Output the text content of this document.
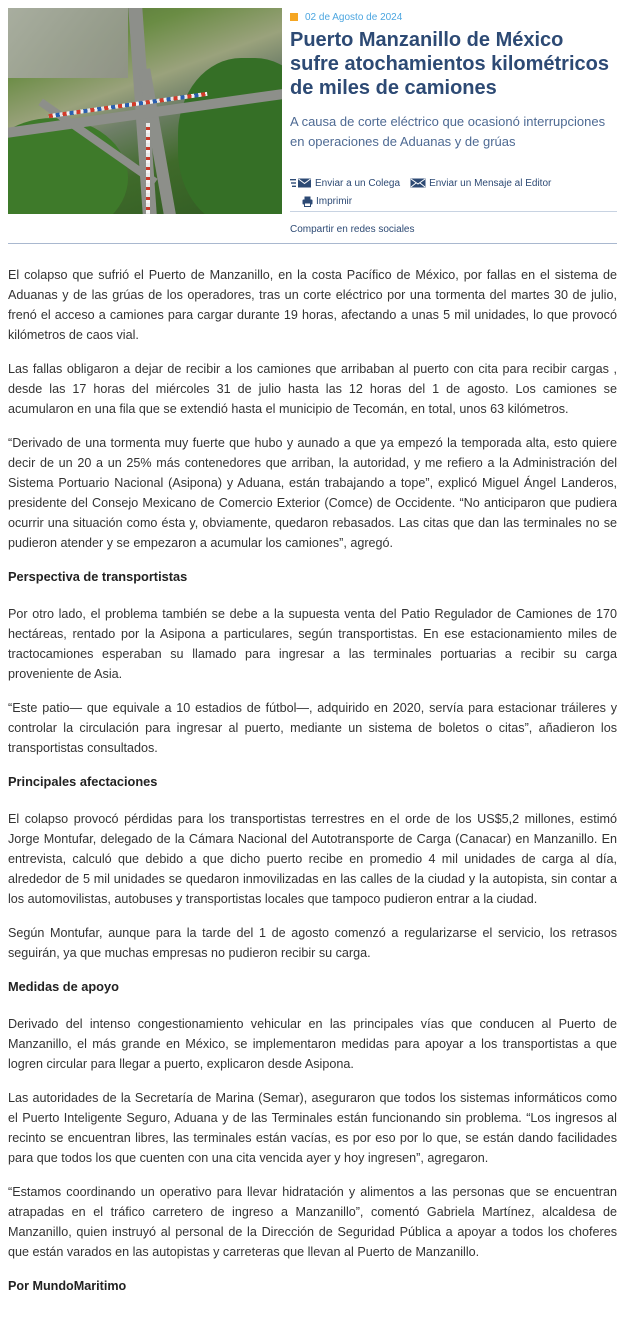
02 de Agosto de 2024
Puerto Manzanillo de México sufre atochamientos kilométricos de miles de camiones

A causa de corte eléctrico que ocasionó interrupciones en operaciones de Aduanas y de grúas

Enviar a un Colega	Enviar un Mensaje al Editor
Imprimir
Compartir en redes sociales

El colapso que sufrió el Puerto de Manzanillo, en la costa Pacífico de México, por fallas en el sistema de Aduanas y de las grúas de los operadores, tras un corte eléctrico por una tormenta del martes 30 de julio, frenó el acceso a camiones para cargar durante 19 horas, afectando a unas 5 mil unidades, lo que provocó kilómetros de caos vial.

Las fallas obligaron a dejar de recibir a los camiones que arribaban al puerto con cita para recibir cargas , desde las 17 horas del miércoles 31 de julio hasta las 12 horas del 1 de agosto. Los camiones se acumularon en una fila que se extendió hasta el municipio de Tecomán, en total, unos 63 kilómetros.

“Derivado de una tormenta muy fuerte que hubo y aunado a que ya empezó la temporada alta, esto quiere decir de un 20 a un 25% más contenedores que arriban, la autoridad, y me refiero a la Administración del Sistema Portuario Nacional (Asipona) y Aduana, están trabajando a tope”, explicó Miguel Ángel Landeros, presidente del Consejo Mexicano de Comercio Exterior (Comce) de Occidente. “No anticiparon que pudiera ocurrir una situación como ésta y, obviamente, quedaron rebasados. Las citas que dan las terminales no se pudieron atender y se empezaron a acumular los camiones”, agregó.

Perspectiva de transportistas

Por otro lado, el problema también se debe a la supuesta venta del Patio Regulador de Camiones de 170 hectáreas, rentado por la Asipona a particulares, según transportistas. En ese estacionamiento miles de tractocamiones esperaban su llamado para ingresar a las terminales portuarias a recibir su carga proveniente de Asia.

“Este patio— que equivale a 10 estadios de fútbol—, adquirido en 2020, servía para estacionar tráileres y controlar la circulación para ingresar al puerto, mediante un sistema de boletos o citas”, añadieron los transportistas consultados.

Principales afectaciones

El colapso provocó pérdidas para los transportistas terrestres en el orde de los US$5,2 millones, estimó Jorge Montufar, delegado de la Cámara Nacional del Autotransporte de Carga (Canacar) en Manzanillo. En entrevista, calculó que debido a que dicho puerto recibe en promedio 4 mil unidades de carga al día, alrededor de 5 mil unidades se quedaron inmovilizadas en las calles de la ciudad y la autopista, sin contar a los automovilistas, autobuses y transportistas locales que tampoco pudieron entrar a la ciudad.

Según Montufar, aunque para la tarde del 1 de agosto comenzó a regularizarse el servicio, los retrasos seguirán, ya que muchas empresas no pudieron recibir su carga.

Medidas de apoyo

Derivado del intenso congestionamiento vehicular en las principales vías que conducen al Puerto de Manzanillo, el más grande en México, se implementaron medidas para apoyar a los transportistas a que logren circular para llegar a puerto, explicaron desde Asipona.

Las autoridades de la Secretaría de Marina (Semar), aseguraron que todos los sistemas informáticos como el Puerto Inteligente Seguro, Aduana y de las Terminales están funcionando sin problema. “Los ingresos al recinto se encuentran libres, las terminales están vacías, es por eso por lo que, se están dando facilidades para que todos los que cuenten con una cita vencida ayer y hoy ingresen”, agregaron.

“Estamos coordinando un operativo para llevar hidratación y alimentos a las personas que se encuentran atrapadas en el tráfico carretero de ingreso a Manzanillo”, comentó Gabriela Martínez, alcaldesa de Manzanillo, quien instruyó al personal de la Dirección de Seguridad Pública a apoyar a todos los choferes que están varados en las autopistas y carreteras que llevan al Puerto de Manzanillo.

Por MundoMaritimo
